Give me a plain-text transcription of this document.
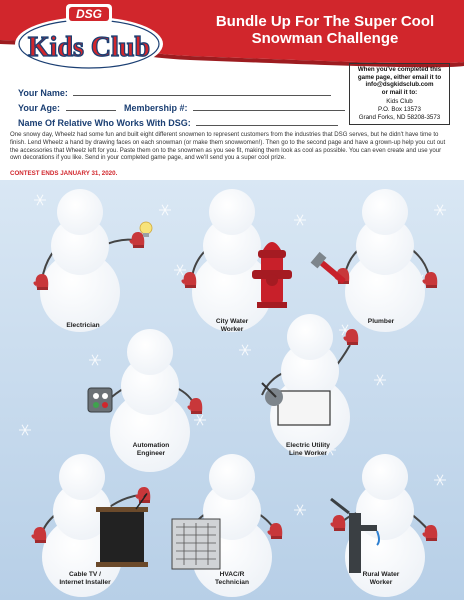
DSG
Kids Club
Bundle Up For The Super Cool
Snowman Challenge
Your Name:
Your Age:	Membership #:
Name Of Relative Who Works With DSG:
When you've completed this
game page, either email it to
info@dsgkidsclub.com
or mail it to:
Kids Club
P.O. Box 13573
Grand Forks, ND 58208-3573
One snowy day, Wheelz had some fun and built eight different snowmen to represent customers from the industries that DSG serves, but he didn't have time to finish. Lend Wheelz a hand by drawing faces on each snowman (or make them snowwomen!). Then go to the second page and have a grown-up help you cut out the accessories that Wheelz left for you. Paste them on to the snowmen as you see fit, making them look as cool as possible. You can even create and use your own decorations if you like. Send in your completed game page, and we'll send you a super cool prize.
CONTEST ENDS JANUARY 31, 2020.
Electrician
City Water
Worker
Plumber
Automation
Engineer
Electric Utility
Line Worker
Cable TV /
Internet Installer
HVAC/R
Technician
Rural Water
Worker
